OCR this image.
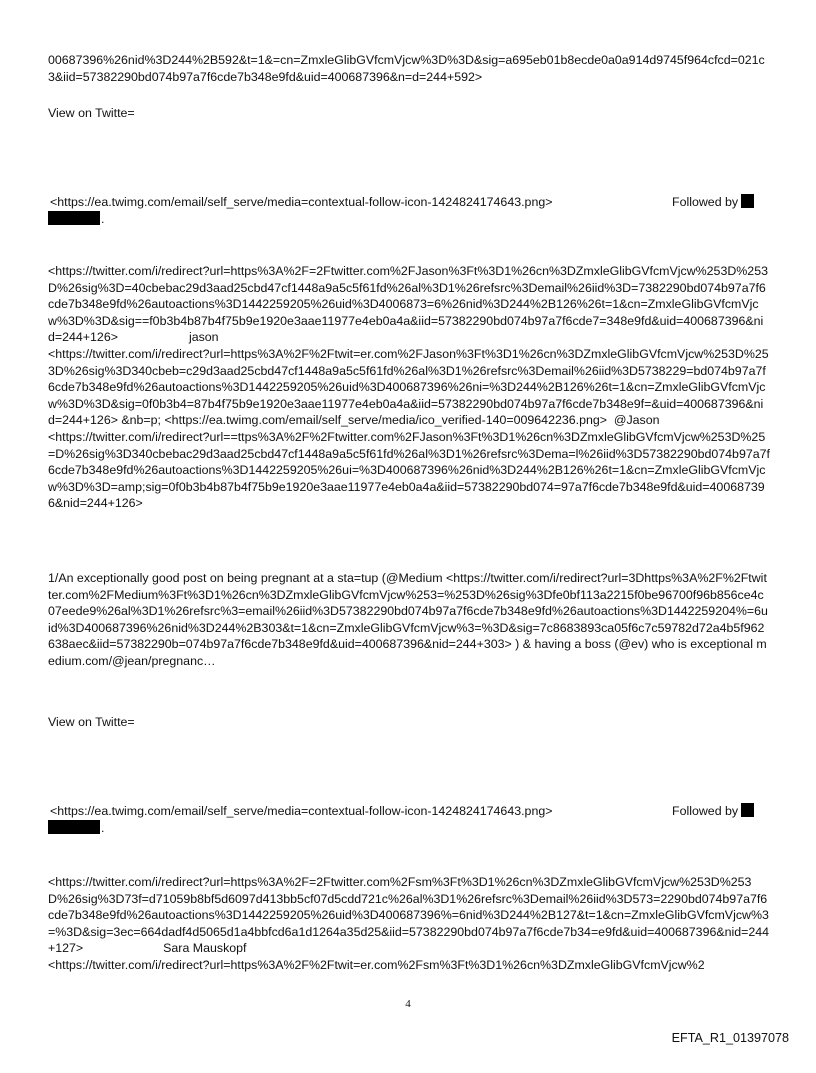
00687396%26nid%3D244%2B592&t=1&=cn=ZmxleGlibGVfcmVjcw%3D%3D&sig=a695eb01b8ecde0a0a914d9745f964cfcd=021c3&iid=57382290bd074b97a7f6cde7b348e9fd&uid=400687396&n=d=244+592>

View on Twitte=

<https://ea.twimg.com/email/self_serve/media=contextual-follow-icon-1424824174643.png>	Followed by
.
<https://twitter.com/i/redirect?url=https%3A%2F=2Ftwitter.com%2FJason%3Ft%3D1%26cn%3DZmxleGlibGVfcmVjcw%253D%253D%26sig%3D=40cbebac29d3aad25cbd47cf1448a9a5c5f61fd%26al%3D1%26refsrc%3Demail%26iid%3D=7382290bd074b97a7f6cde7b348e9fd%26autoactions%3D1442259205%26uid%3D4006873=6%26nid%3D244%2B126%26t=1&cn=ZmxleGlibGVfcmVjcw%3D%3D&sig==f0b3b4b87b4f75b9e1920e3aae11977e4eb0a4a&iid=57382290bd074b97a7f6cde7=348e9fd&uid=400687396&nid=244+126>	jason
<https://twitter.com/i/redirect?url=https%3A%2F%2Ftwit=er.com%2FJason%3Ft%3D1%26cn%3DZmxleGlibGVfcmVjcw%253D%253D%26sig%3D340cbeb=c29d3aad25cbd47cf1448a9a5c5f61fd%26al%3D1%26refsrc%3Demail%26iid%3D5738229=bd074b97a7f6cde7b348e9fd%26autoactions%3D1442259205%26uid%3D400687396%26ni=%3D244%2B126%26t=1&cn=ZmxleGlibGVfcmVjcw%3D%3D&sig=0f0b3b4=87b4f75b9e1920e3aae11977e4eb0a4a&iid=57382290bd074b97a7f6cde7b348e9f=&uid=400687396&nid=244+126> &nb=p; <https://ea.twimg.com/email/self_serve/media/ico_verified-140=009642236.png>  @Jason
<https://twitter.com/i/redirect?url==ttps%3A%2F%2Ftwitter.com%2FJason%3Ft%3D1%26cn%3DZmxleGlibGVfcmVjcw%253D%25=D%26sig%3D340cbebac29d3aad25cbd47cf1448a9a5c5f61fd%26al%3D1%26refsrc%3Dema=l%26iid%3D57382290bd074b97a7f6cde7b348e9fd%26autoactions%3D1442259205%26ui=%3D400687396%26nid%3D244%2B126%26t=1&cn=ZmxleGlibGVfcmVjcw%3D%3D=amp;sig=0f0b3b4b87b4f75b9e1920e3aae11977e4eb0a4a&iid=57382290bd074=97a7f6cde7b348e9fd&uid=400687396&nid=244+126>

1/An exceptionally good post on being pregnant at a sta=tup (@Medium <https://twitter.com/i/redirect?url=3Dhttps%3A%2F%2Ftwitter.com%2FMedium%3Ft%3D1%26cn%3DZmxleGlibGVfcmVjcw%253=%253D%26sig%3Dfe0bf113a2215f0be96700f96b856ce4c07eede9%26al%3D1%26refsrc%3=email%26iid%3D57382290bd074b97a7f6cde7b348e9fd%26autoactions%3D1442259204%=6uid%3D400687396%26nid%3D244%2B303&t=1&cn=ZmxleGlibGVfcmVjcw%3=%3D&sig=7c8683893ca05f6c7c59782d72a4b5f962638aec&iid=57382290b=074b97a7f6cde7b348e9fd&uid=400687396&nid=244+303> ) & having a boss (@ev) who is exceptional medium.com/@jean/pregnanc…

View on Twitte=

<https://ea.twimg.com/email/self_serve/media=contextual-follow-icon-1424824174643.png>	Followed by
.
<https://twitter.com/i/redirect?url=https%3A%2F=2Ftwitter.com%2Fsm%3Ft%3D1%26cn%3DZmxleGlibGVfcmVjcw%253D%253D%26sig%3D73f=d71059b8bf5d6097d413bb5cf07d5cdd721c%26al%3D1%26refsrc%3Demail%26iid%3D573=2290bd074b97a7f6cde7b348e9fd%26autoactions%3D1442259205%26uid%3D400687396%=6nid%3D244%2B127&t=1&cn=ZmxleGlibGVfcmVjcw%3=%3D&sig=3ec=664dadf4d5065d1a4bbfcd6a1d1264a35d25&iid=57382290bd074b97a7f6cde7b34=e9fd&uid=400687396&nid=244+127>	Sara Mauskopf
<https://twitter.com/i/redirect?url=https%3A%2F%2Ftwit=er.com%2Fsm%3Ft%3D1%26cn%3DZmxleGlibGVfcmVjcw%2
4
EFTA_R1_01397078
